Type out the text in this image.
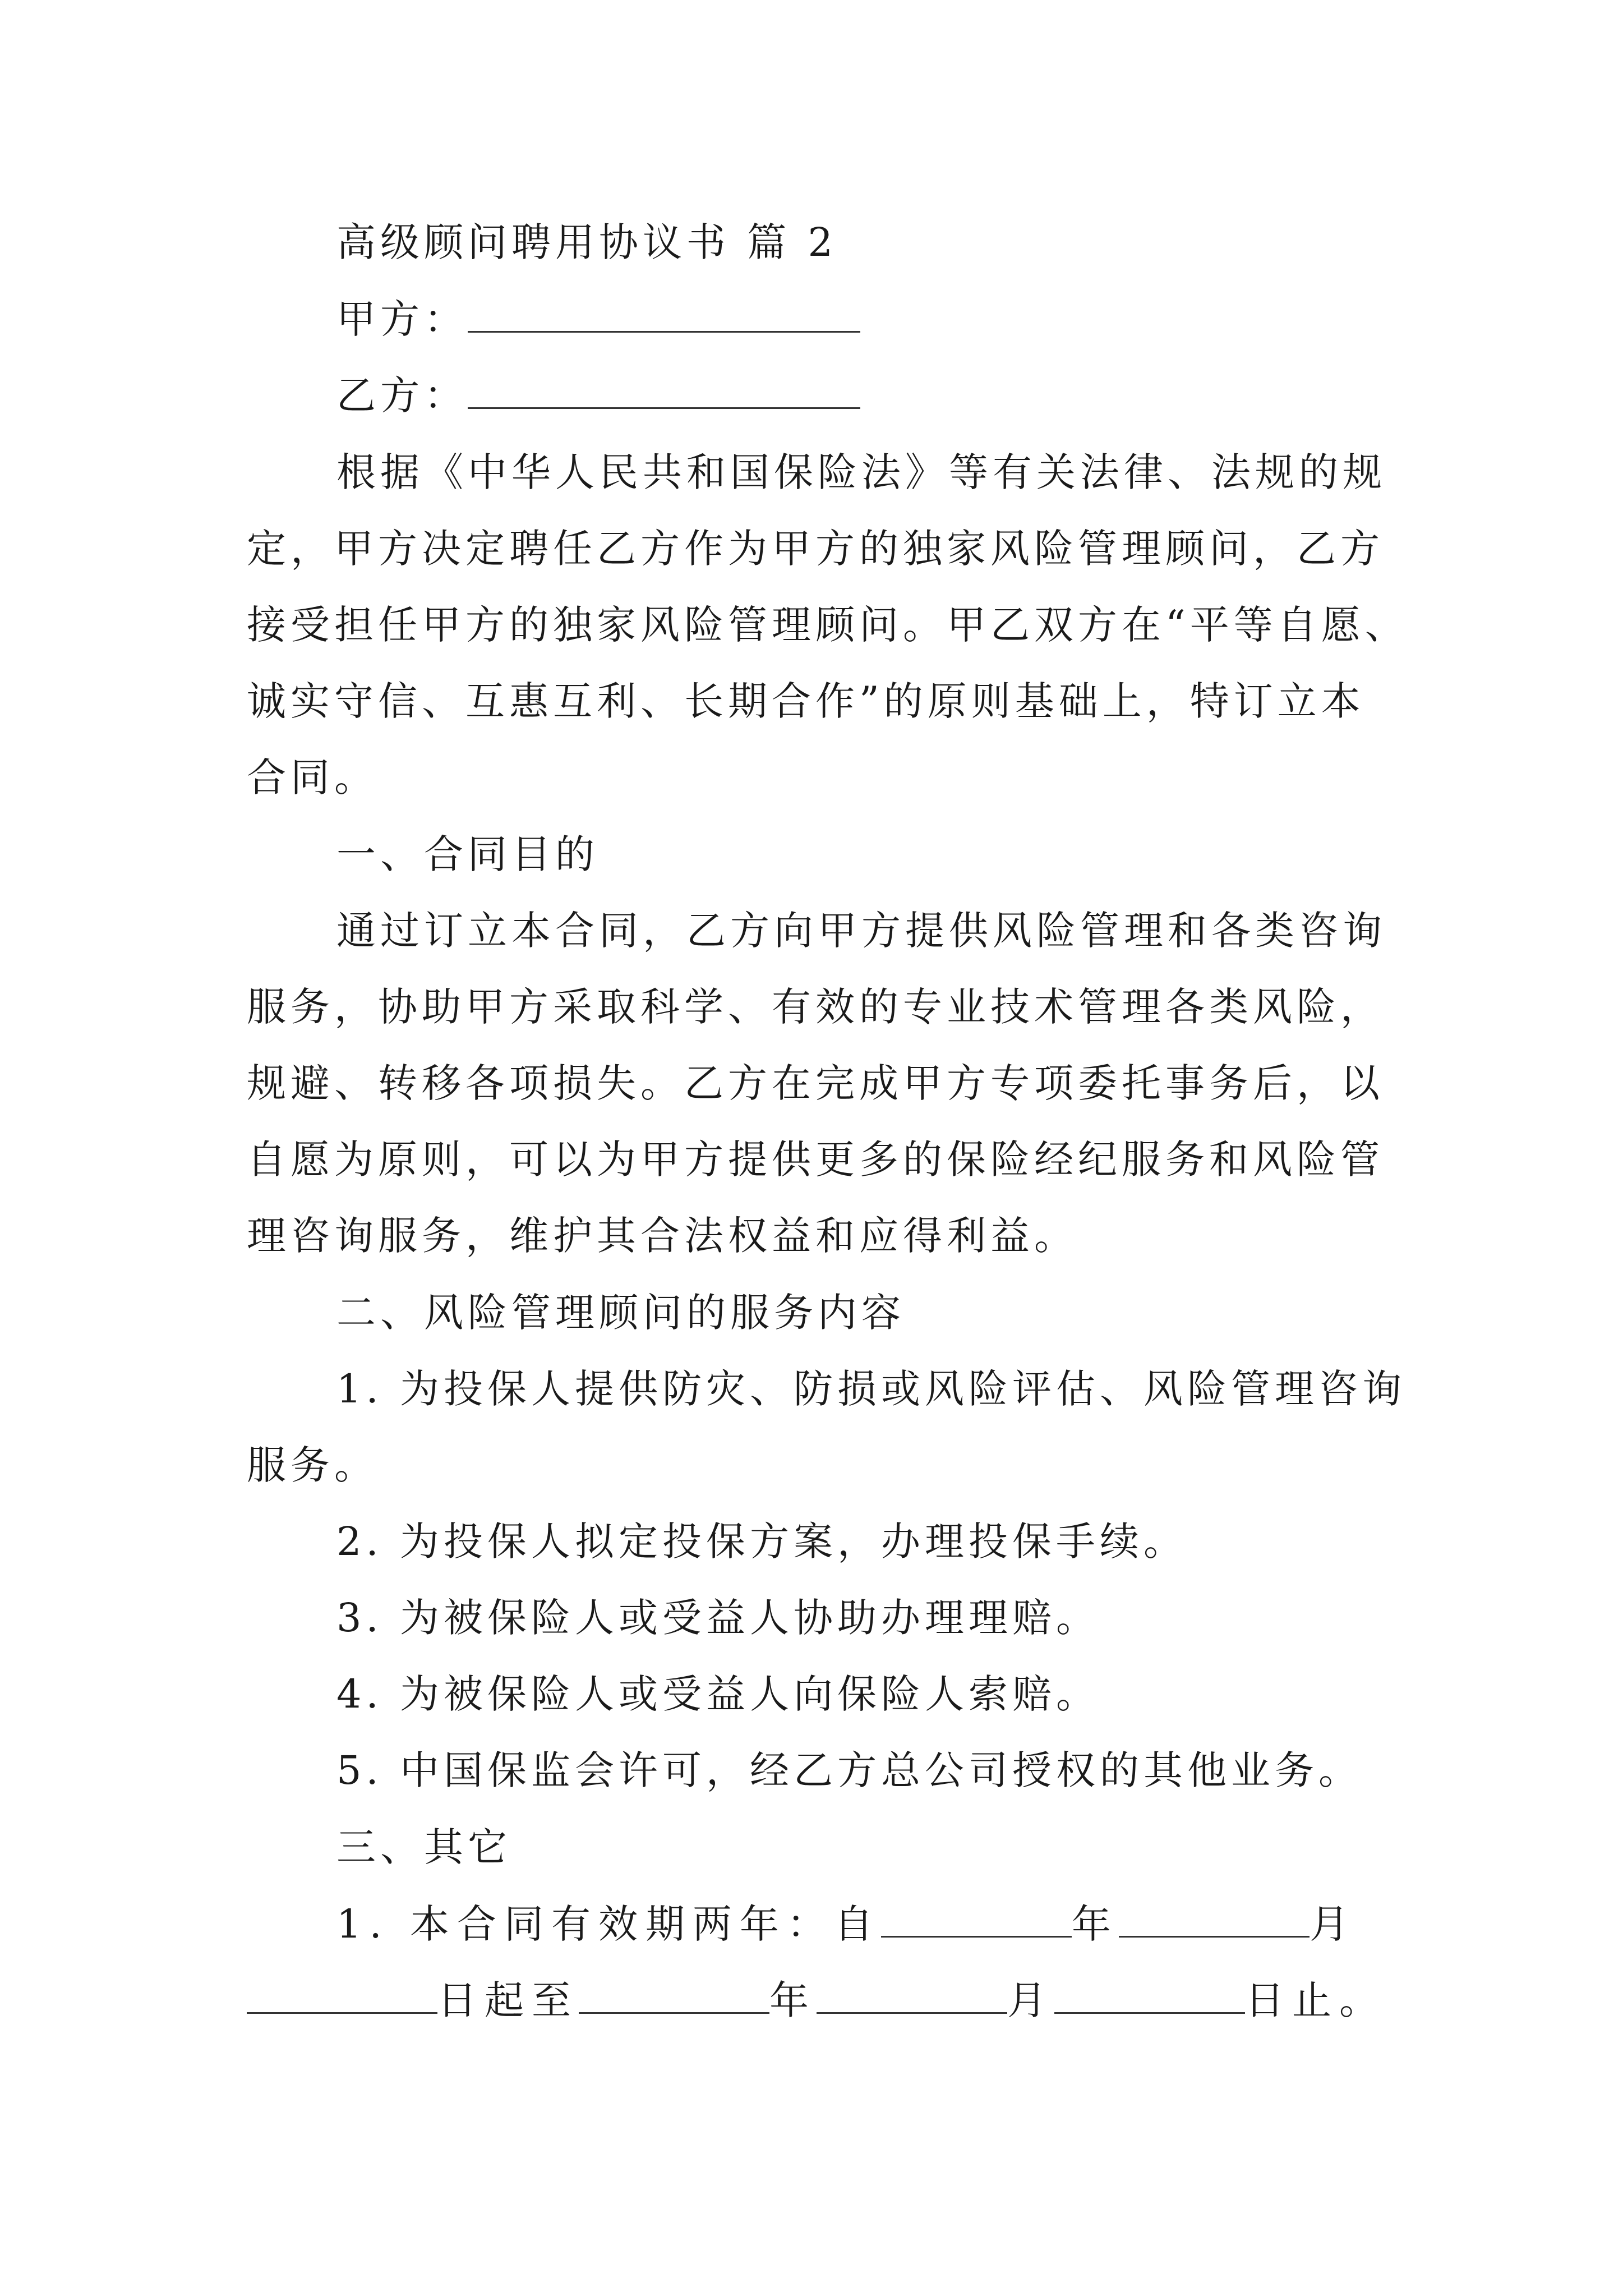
高级顾问聘用协议书 篇 2
甲方：
乙方：
根据《中华人民共和国保险法》等有关法律、法规的规
定，甲方决定聘任乙方作为甲方的独家风险管理顾问，乙方
接受担任甲方的独家风险管理顾问。甲乙双方在“平等自愿、
诚实守信、互惠互利、长期合作”的原则基础上，特订立本
合同。
一、合同目的
通过订立本合同，乙方向甲方提供风险管理和各类咨询
服务，协助甲方采取科学、有效的专业技术管理各类风险，
规避、转移各项损失。乙方在完成甲方专项委托事务后，以
自愿为原则，可以为甲方提供更多的保险经纪服务和风险管
理咨询服务，维护其合法权益和应得利益。
二、风险管理顾问的服务内容
1. 为投保人提供防灾、防损或风险评估、风险管理咨询
服务。
2. 为投保人拟定投保方案，办理投保手续。
3. 为被保险人或受益人协助办理理赔。
4. 为被保险人或受益人向保险人索赔。
5. 中国保监会许可，经乙方总公司授权的其他业务。
三、其它
1. 本合同有效期两年：自	年	月
日起至	年	月	日止。
